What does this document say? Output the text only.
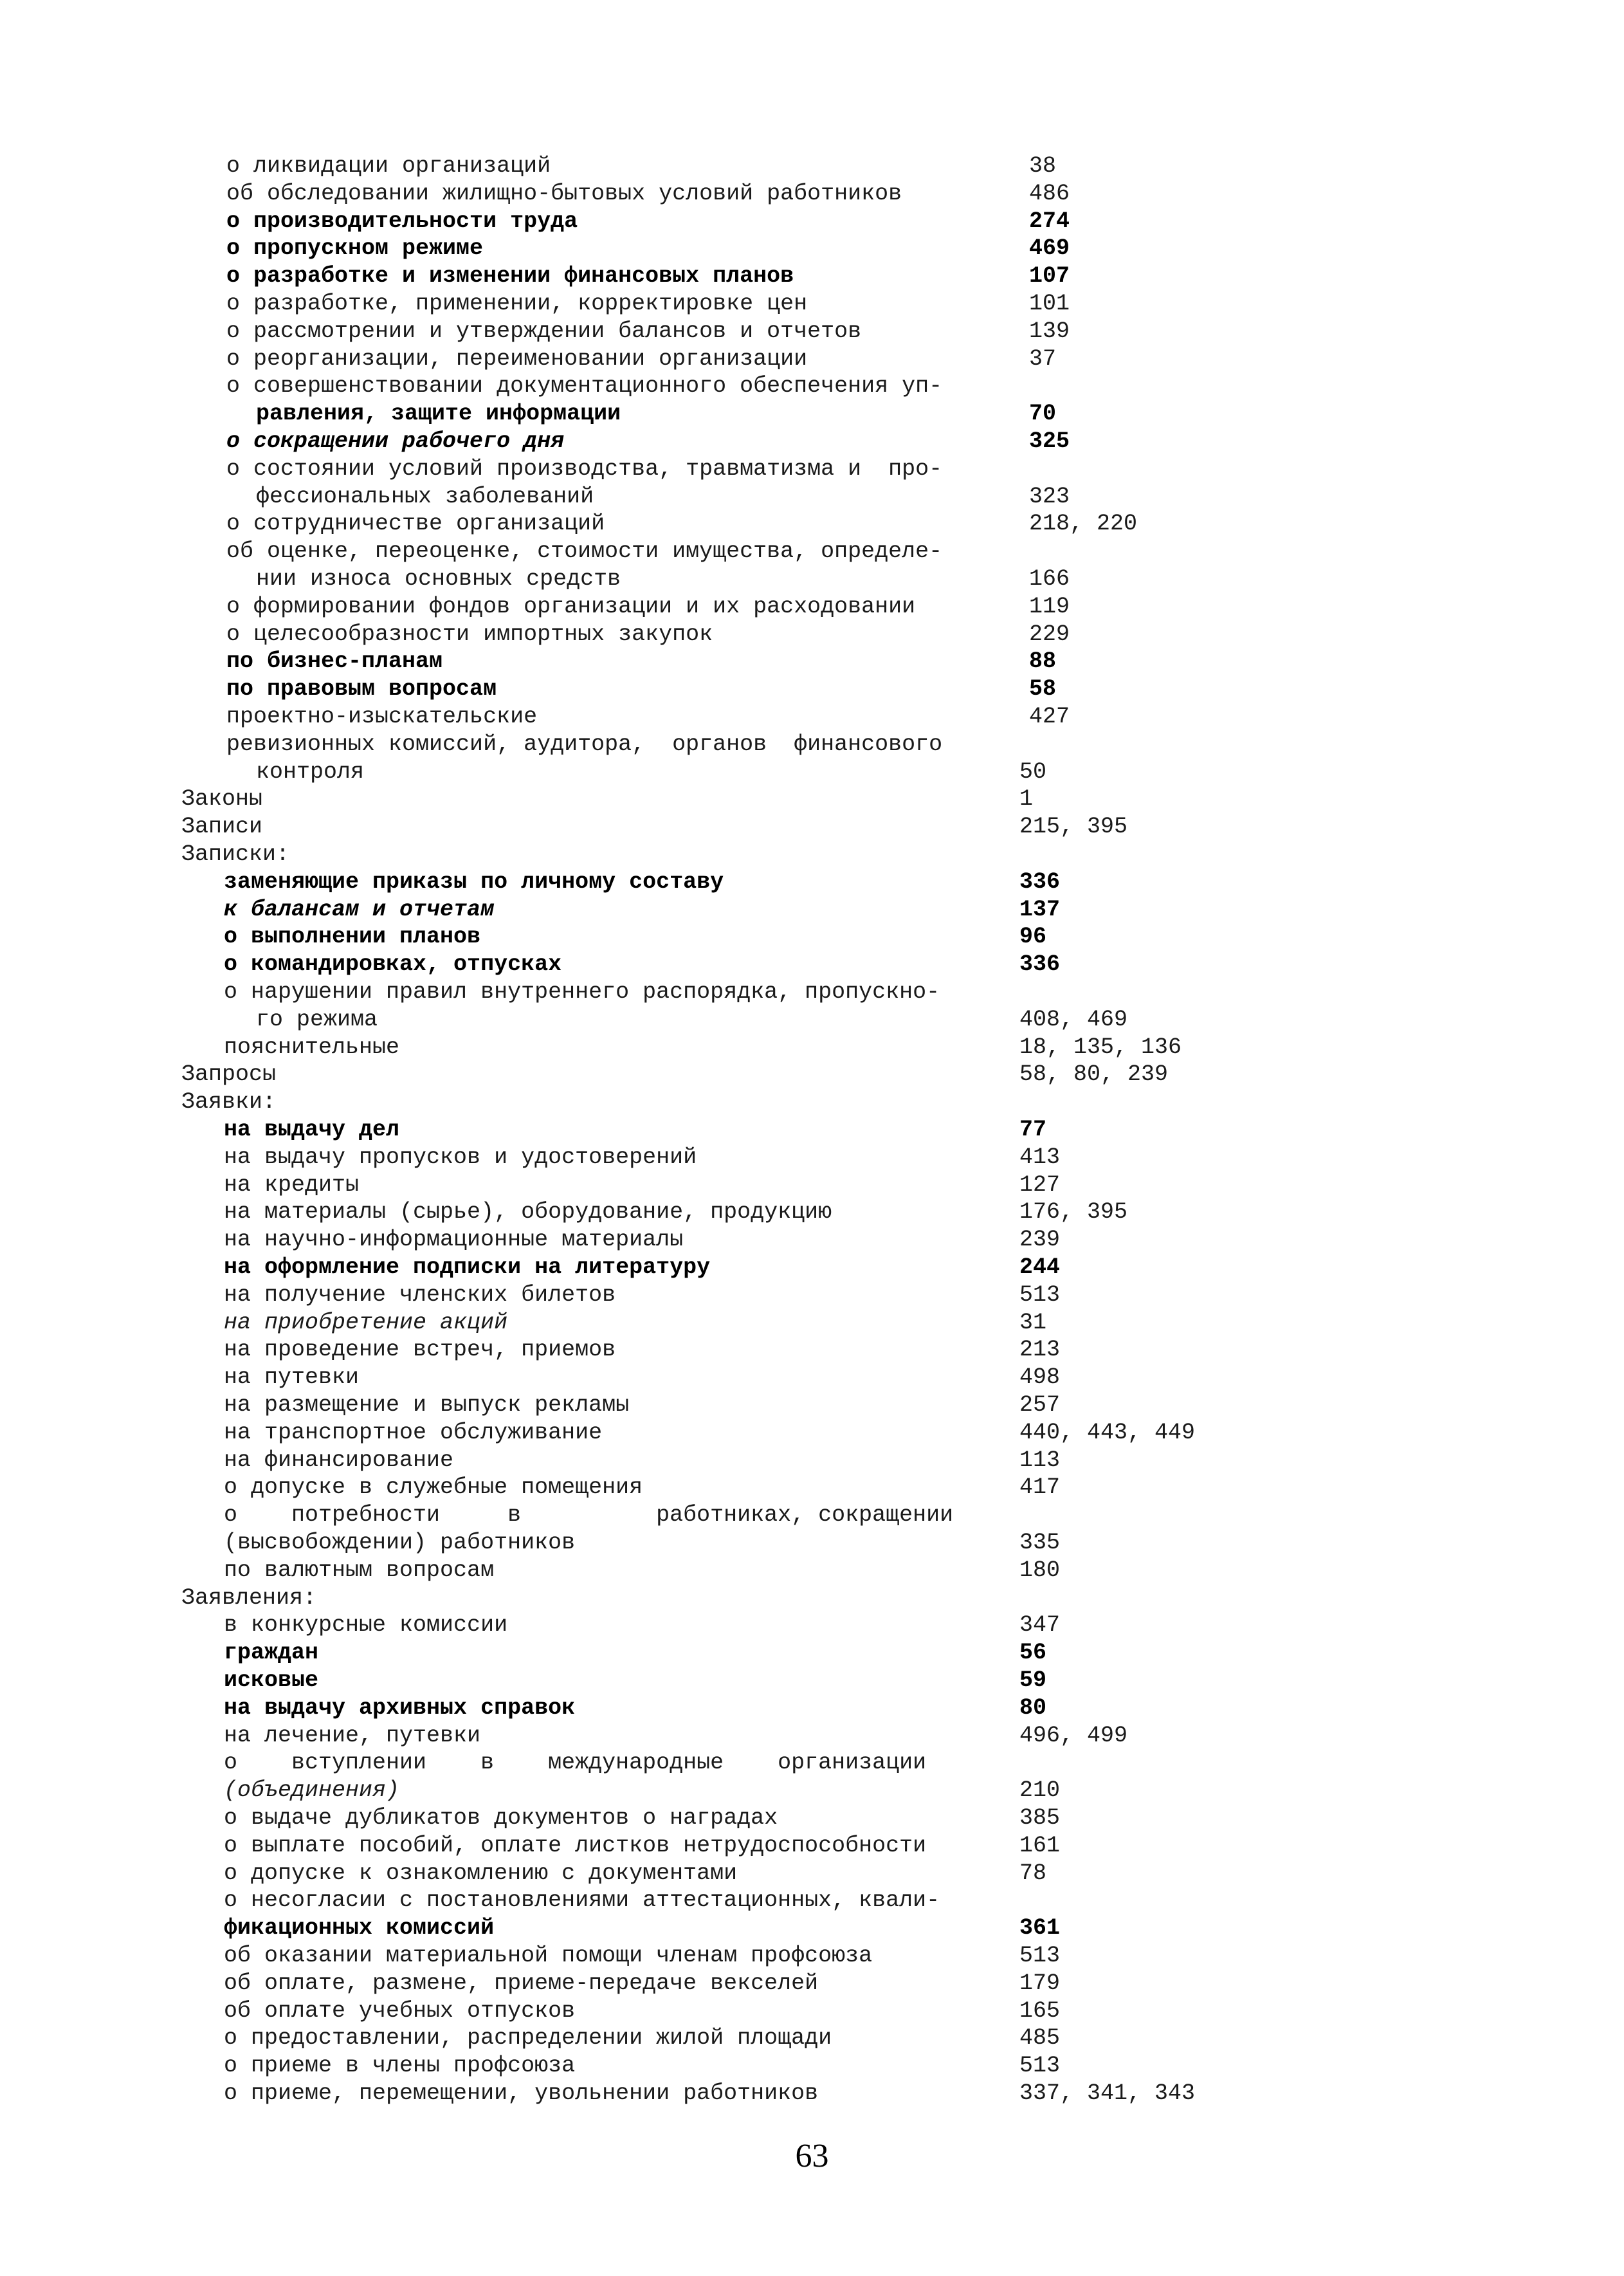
о ликвидации организаций	38
об обследовании жилищно-бытовых условий работников	486
о производительности труда	274
о пропускном режиме	469
о разработке и изменении финансовых планов	107
о разработке, применении, корректировке цен	101
о рассмотрении и утверждении балансов и отчетов	139
о реорганизации, переименовании организации	37
о совершенствовании документационного обеспечения уп-
равления, защите информации	70
о сокращении рабочего дня	325
о состоянии условий производства, травматизма и  про-
фессиональных заболеваний	323
о сотрудничестве организаций	218, 220
об оценке, переоценке, стоимости имущества, определе-
нии износа основных средств	166
о формировании фондов организации и их расходовании	119
о целесообразности импортных закупок	229
по бизнес-планам	88
по правовым вопросам	58
проектно-изыскательские	427
ревизионных комиссий, аудитора,  органов  финансового
контроля	50
Законы	1
Записи	215, 395
Записки:
заменяющие приказы по личному составу	336
к балансам и отчетам	137
о выполнении планов	96
о командировках, отпусках	336
о нарушении правил внутреннего распорядка, пропускно-
го режима	408, 469
пояснительные	18, 135, 136
Запросы	58, 80, 239
Заявки:
на выдачу дел	77
на выдачу пропусков и удостоверений	413
на кредиты	127
на материалы (сырье), оборудование, продукцию	176, 395
на научно-информационные материалы	239
на оформление подписки на литературу	244
на получение членских билетов	513
на приобретение акций	31
на проведение встреч, приемов	213
на путевки	498
на размещение и выпуск рекламы	257
на транспортное обслуживание	440, 443, 449
на финансирование	113
о допуске в служебные помещения	417
о    потребности     в          работниках, сокращении
(высвобождении) работников	335
по валютным вопросам	180
Заявления:
в конкурсные комиссии	347
граждан	56
исковые	59
на выдачу архивных справок	80
на лечение, путевки	496, 499
о    вступлении    в    международные    организации
(объединения)	210
о выдаче дубликатов документов о наградах	385
о выплате пособий, оплате листков нетрудоспособности	161
о допуске к ознакомлению с документами	78
о несогласии с постановлениями аттестационных, квали-
фикационных комиссий	361
об оказании материальной помощи членам профсоюза	513
об оплате, размене, приеме-передаче векселей	179
об оплате учебных отпусков	165
о предоставлении, распределении жилой площади	485
о приеме в члены профсоюза	513
о приеме, перемещении, увольнении работников	337, 341, 343
63
